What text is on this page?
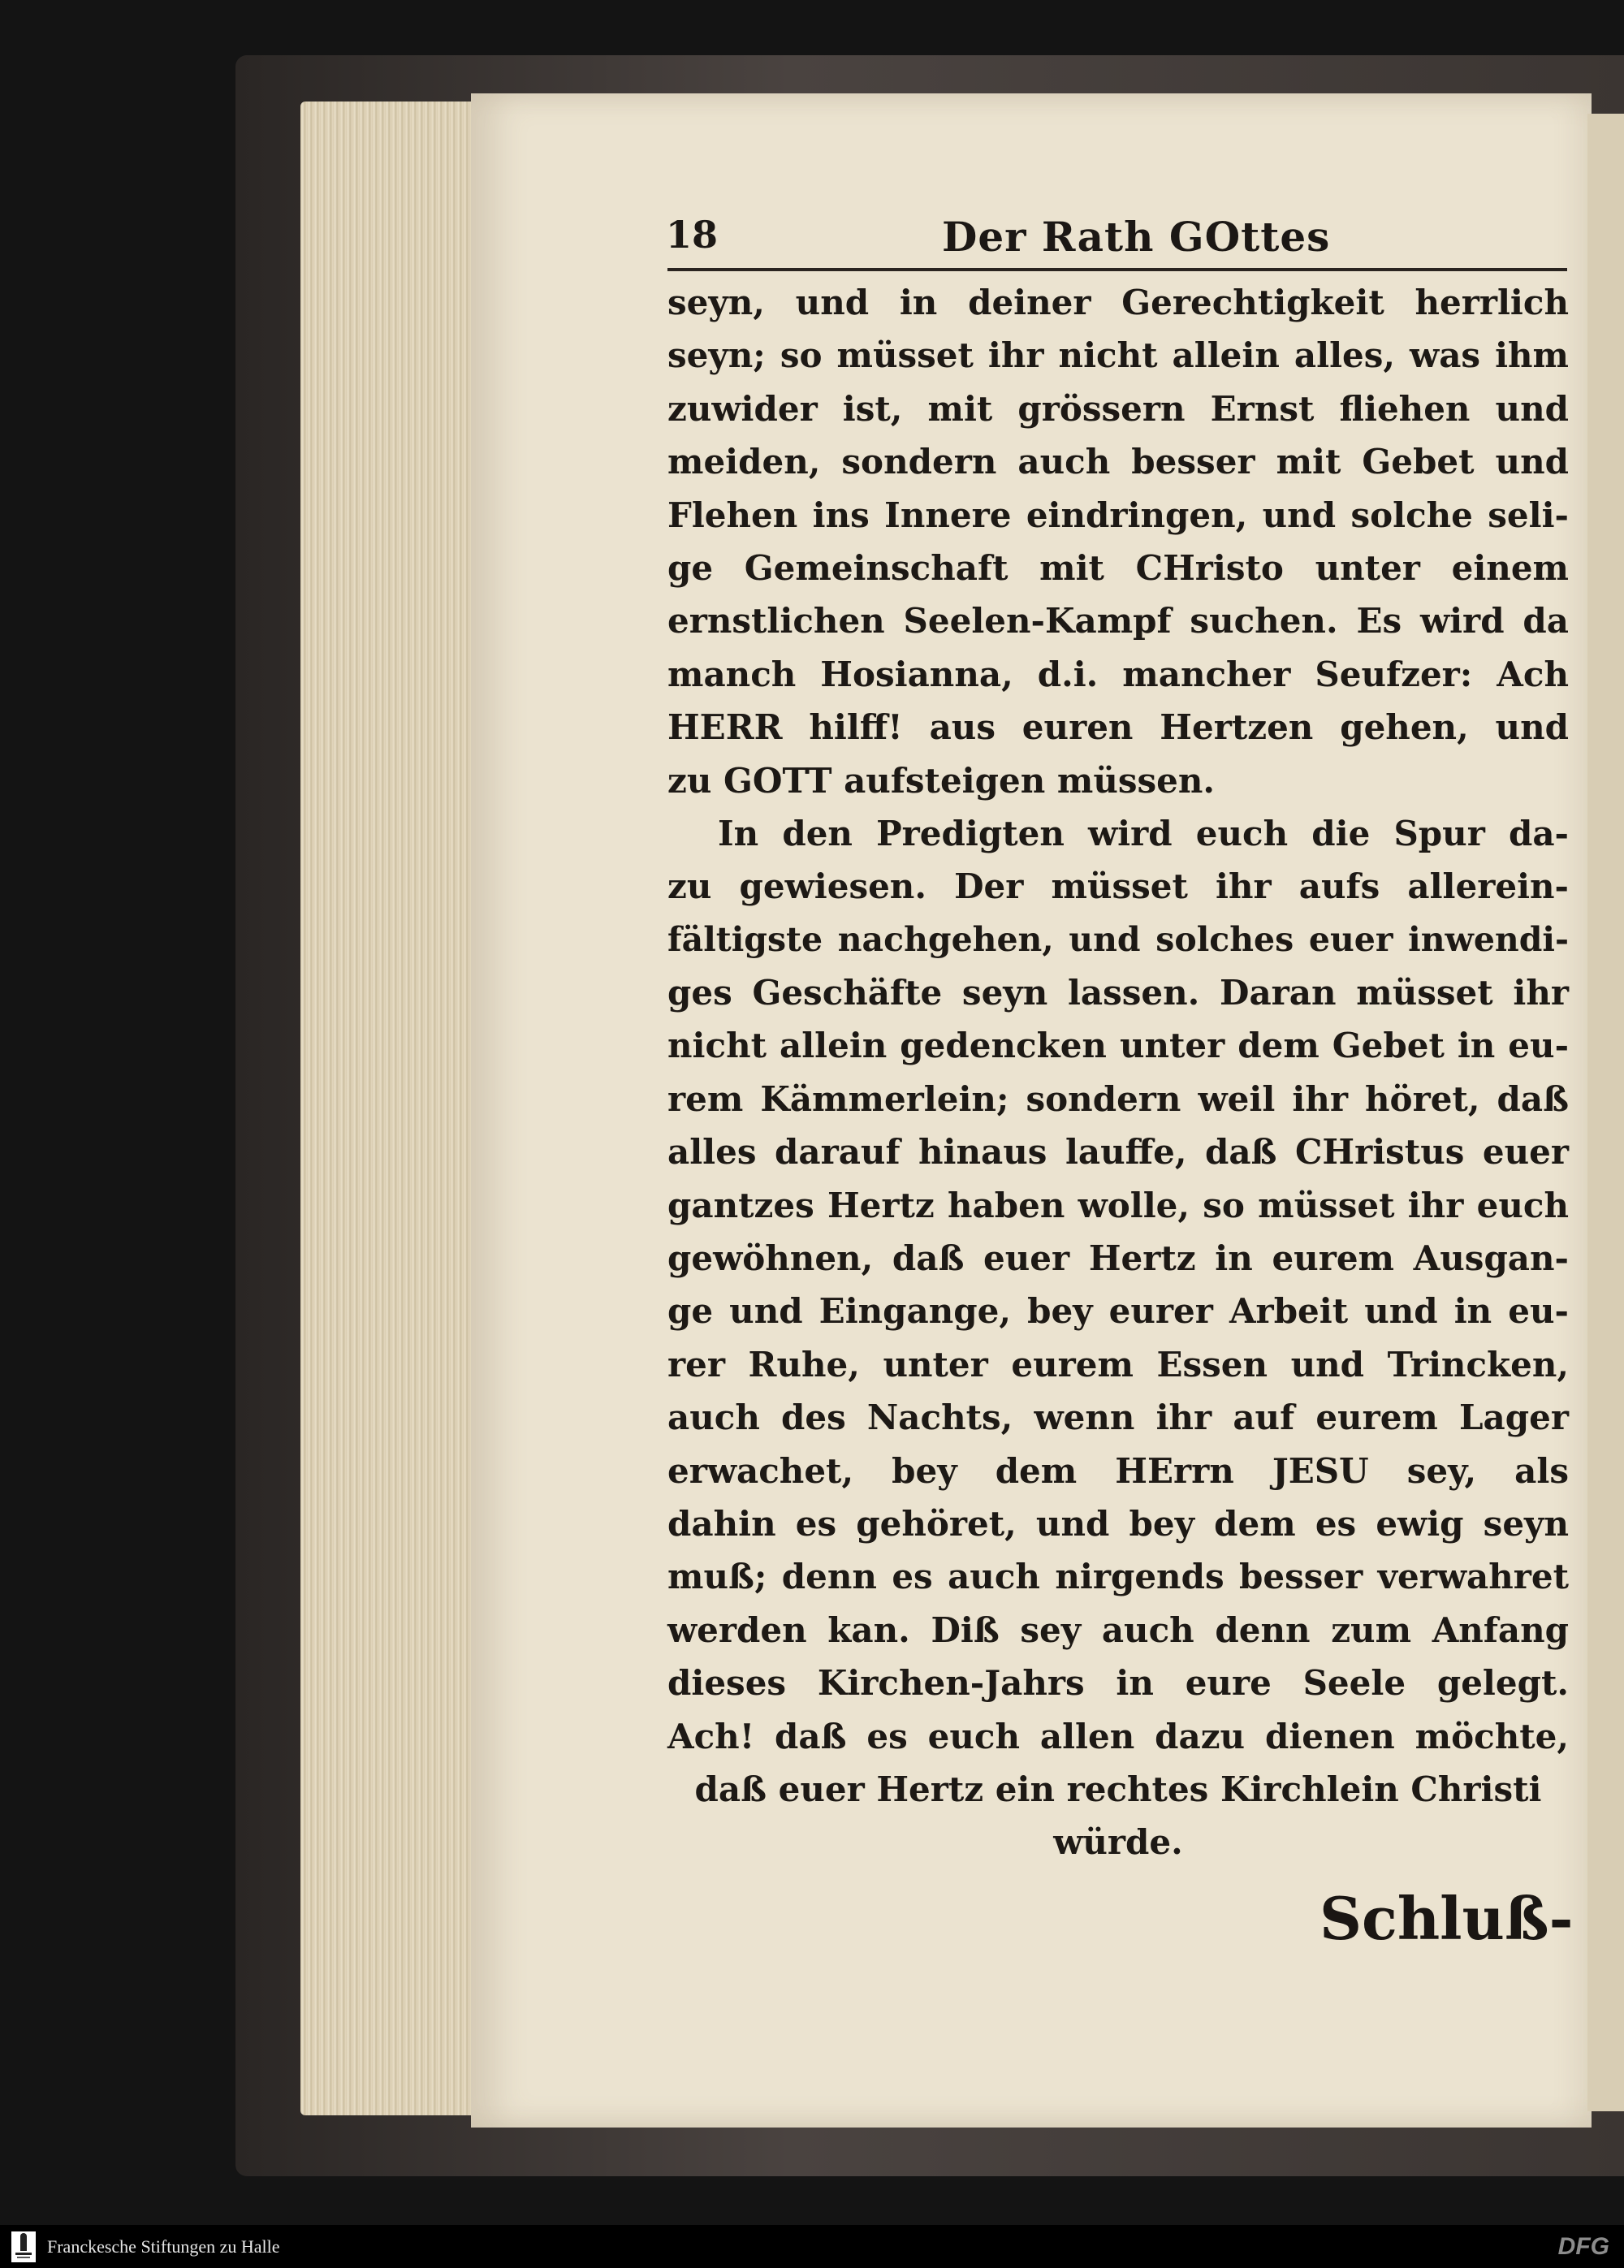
18	Der Rath GOttes
seyn, und in deiner Gerechtigkeit herrlich
seyn; so müsset ihr nicht allein alles, was ihm
zuwider ist, mit grössern Ernst fliehen und
meiden, sondern auch besser mit Gebet und
Flehen ins Innere eindringen, und solche seli-
ge Gemeinschaft mit CHristo unter einem
ernstlichen Seelen-Kampf suchen. Es wird da
manch Hosianna, d.i. mancher Seufzer: Ach
HERR hilff! aus euren Hertzen gehen, und
zu GOTT aufsteigen müssen.
In den Predigten wird euch die Spur da-
zu gewiesen. Der müsset ihr aufs allerein-
fältigste nachgehen, und solches euer inwendi-
ges Geschäfte seyn lassen. Daran müsset ihr
nicht allein gedencken unter dem Gebet in eu-
rem Kämmerlein; sondern weil ihr höret, daß
alles darauf hinaus lauffe, daß CHristus euer
gantzes Hertz haben wolle, so müsset ihr euch
gewöhnen, daß euer Hertz in eurem Ausgan-
ge und Eingange, bey eurer Arbeit und in eu-
rer Ruhe, unter eurem Essen und Trincken,
auch des Nachts, wenn ihr auf eurem Lager
erwachet, bey dem HErrn JESU sey, als
dahin es gehöret, und bey dem es ewig seyn
muß; denn es auch nirgends besser verwahret
werden kan. Diß sey auch denn zum Anfang
dieses Kirchen-Jahrs in eure Seele gelegt.
Ach! daß es euch allen dazu dienen möchte,
daß euer Hertz ein rechtes Kirchlein Christi
würde.
Schluß-
Franckesche Stiftungen zu Halle	DFG
